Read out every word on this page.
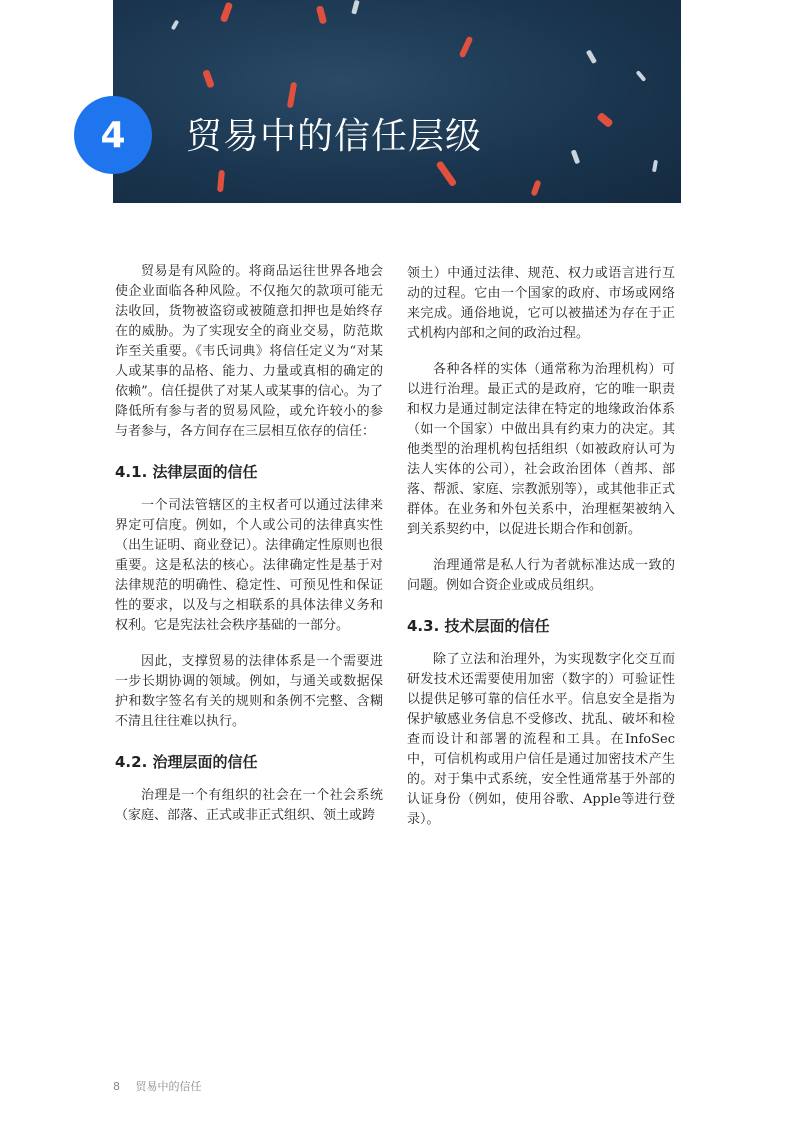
4	贸易中的信任层级

贸易是有风险的。将商品运往世界各地会使企业面临各种风险。不仅拖欠的款项可能无法收回，货物被盗窃或被随意扣押也是始终存在的威胁。为了实现安全的商业交易，防范欺诈至关重要。《韦氏词典》将信任定义为“对某人或某事的品格、能力、力量或真相的确定的依赖”。信任提供了对某人或某事的信心。为了降低所有参与者的贸易风险，或允许较小的参与者参与，各方间存在三层相互依存的信任：

4.1. 法律层面的信任

一个司法管辖区的主权者可以通过法律来界定可信度。例如，个人或公司的法律真实性（出生证明、商业登记）。法律确定性原则也很重要。这是私法的核心。法律确定性是基于对法律规范的明确性、稳定性、可预见性和保证性的要求，以及与之相联系的具体法律义务和权利。它是宪法社会秩序基础的一部分。

因此，支撑贸易的法律体系是一个需要进一步长期协调的领域。例如，与通关或数据保护和数字签名有关的规则和条例不完整、含糊不清且往往难以执行。

4.2. 治理层面的信任

治理是一个有组织的社会在一个社会系统（家庭、部落、正式或非正式组织、领土或跨

领土）中通过法律、规范、权力或语言进行互动的过程。它由一个国家的政府、市场或网络来完成。通俗地说，它可以被描述为存在于正式机构内部和之间的政治过程。

各种各样的实体（通常称为治理机构）可以进行治理。最正式的是政府，它的唯一职责和权力是通过制定法律在特定的地缘政治体系（如一个国家）中做出具有约束力的决定。其他类型的治理机构包括组织（如被政府认可为法人实体的公司），社会政治团体（酋邦、部落、帮派、家庭、宗教派别等），或其他非正式群体。在业务和外包关系中，治理框架被纳入到关系契约中，以促进长期合作和创新。

治理通常是私人行为者就标准达成一致的问题。例如合资企业或成员组织。

4.3. 技术层面的信任

除了立法和治理外，为实现数字化交互而研发技术还需要使用加密（数字的）可验证性以提供足够可靠的信任水平。信息安全是指为保护敏感业务信息不受修改、扰乱、破坏和检查而设计和部署的流程和工具。在InfoSec中，可信机构或用户信任是通过加密技术产生的。对于集中式系统，安全性通常基于外部的认证身份（例如，使用谷歌、Apple等进行登录）。

8 贸易中的信任
